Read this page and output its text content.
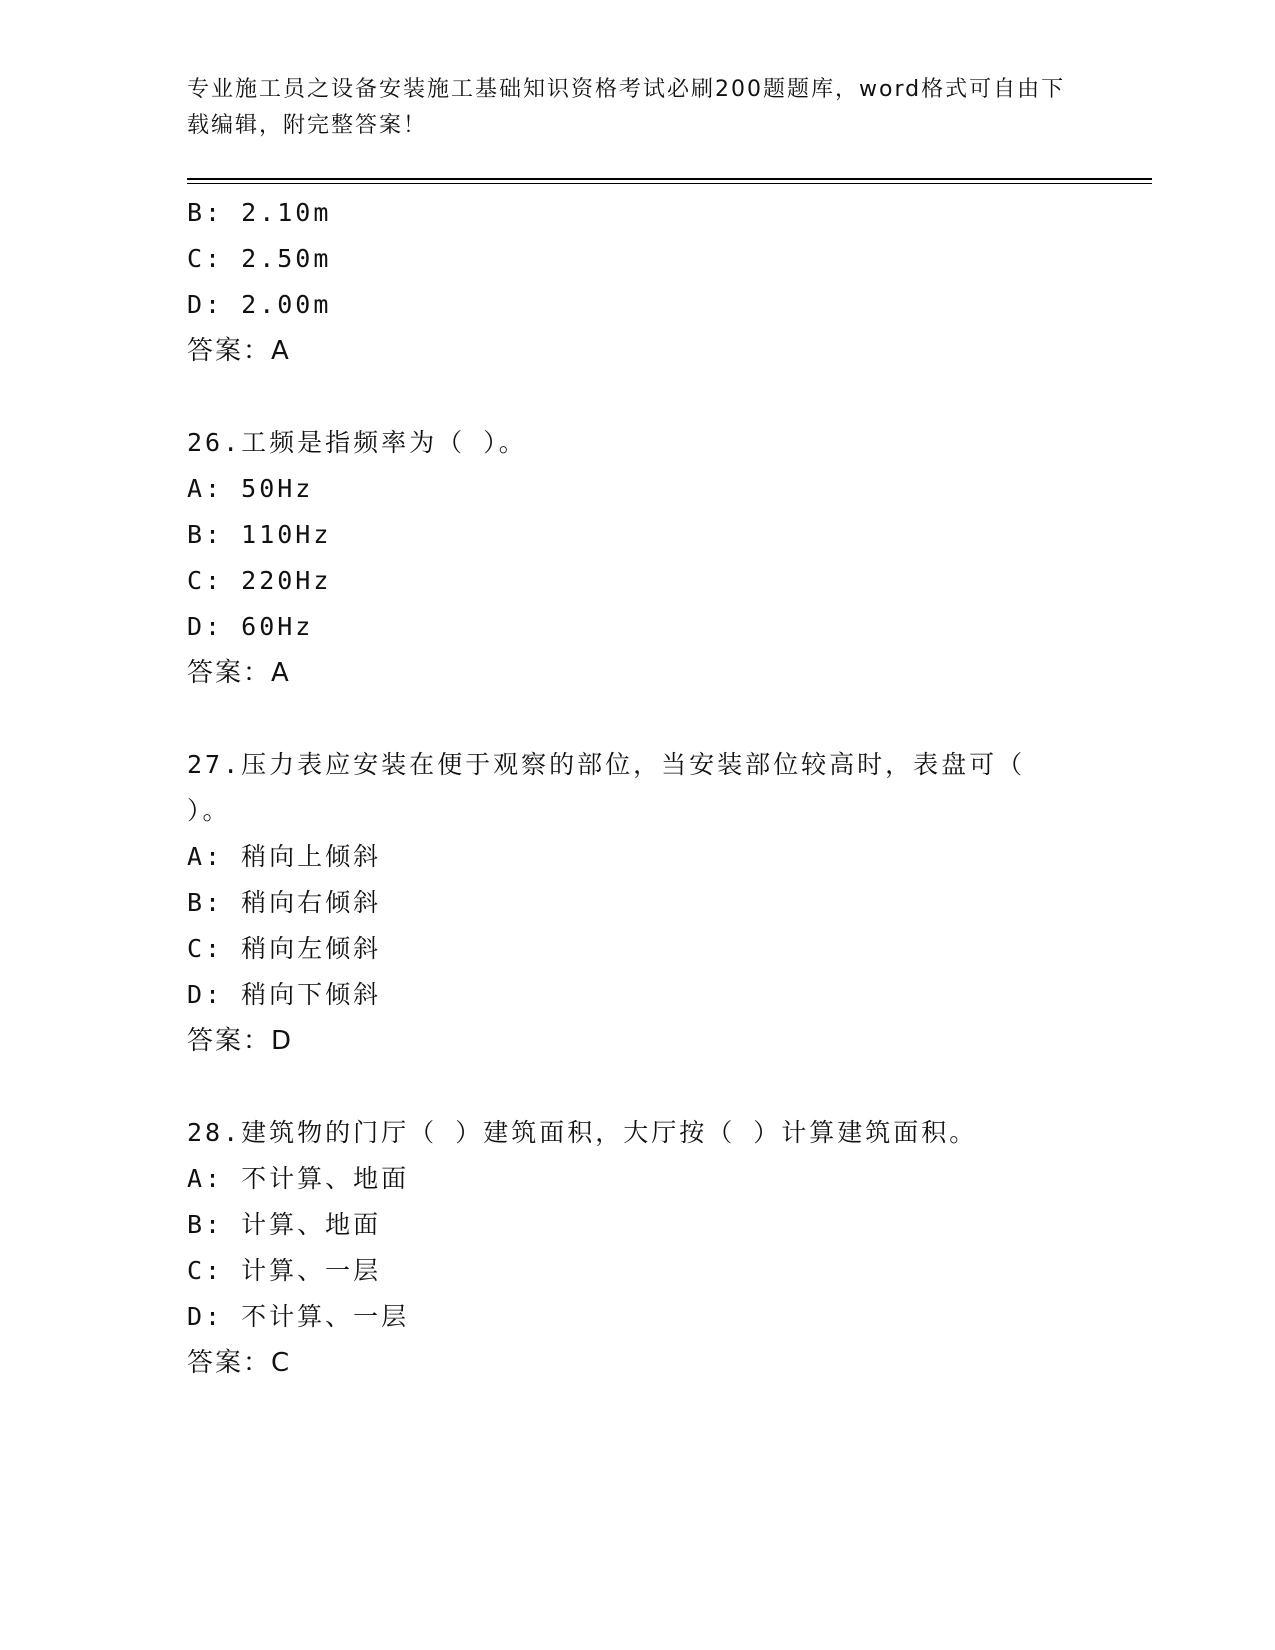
专业施工员之设备安装施工基础知识资格考试必刷200题题库，word格式可自由下载编辑，附完整答案！
B: 2.10m
C: 2.50m
D: 2.00m
答案：A
26.工频是指频率为（ ）。
A: 50Hz
B: 110Hz
C: 220Hz
D: 60Hz
答案：A
27.压力表应安装在便于观察的部位，当安装部位较高时，表盘可（ ）。
A: 稍向上倾斜
B: 稍向右倾斜
C: 稍向左倾斜
D: 稍向下倾斜
答案：D
28.建筑物的门厅（ ）建筑面积，大厅按（ ）计算建筑面积。
A: 不计算、地面
B: 计算、地面
C: 计算、一层
D: 不计算、一层
答案：C
